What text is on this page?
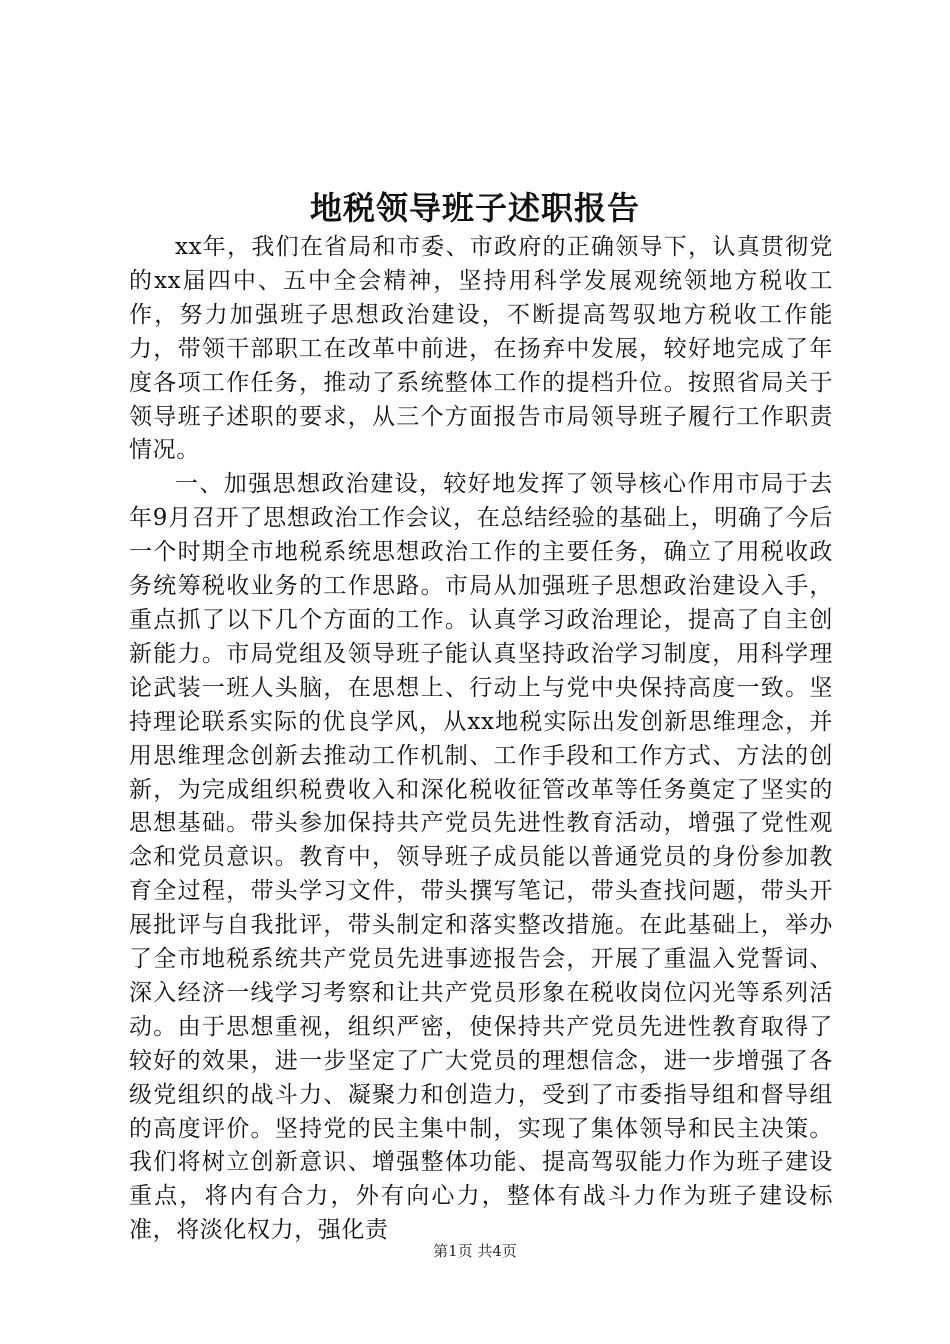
地税领导班子述职报告

xx年，我们在省局和市委、市政府的正确领导下，认真贯彻党的xx届四中、五中全会精神，坚持用科学发展观统领地方税收工作，努力加强班子思想政治建设，不断提高驾驭地方税收工作能力，带领干部职工在改革中前进，在扬弃中发展，较好地完成了年度各项工作任务，推动了系统整体工作的提档升位。按照省局关于领导班子述职的要求，从三个方面报告市局领导班子履行工作职责情况。

一、加强思想政治建设，较好地发挥了领导核心作用市局于去年9月召开了思想政治工作会议，在总结经验的基础上，明确了今后一个时期全市地税系统思想政治工作的主要任务，确立了用税收政务统筹税收业务的工作思路。市局从加强班子思想政治建设入手，重点抓了以下几个方面的工作。认真学习政治理论，提高了自主创新能力。市局党组及领导班子能认真坚持政治学习制度，用科学理论武装一班人头脑，在思想上、行动上与党中央保持高度一致。坚持理论联系实际的优良学风，从xx地税实际出发创新思维理念，并用思维理念创新去推动工作机制、工作手段和工作方式、方法的创新，为完成组织税费收入和深化税收征管改革等任务奠定了坚实的思想基础。带头参加保持共产党员先进性教育活动，增强了党性观念和党员意识。教育中，领导班子成员能以普通党员的身份参加教育全过程，带头学习文件，带头撰写笔记，带头查找问题，带头开展批评与自我批评，带头制定和落实整改措施。在此基础上，举办了全市地税系统共产党员先进事迹报告会，开展了重温入党誓词、深入经济一线学习考察和让共产党员形象在税收岗位闪光等系列活动。由于思想重视，组织严密，使保持共产党员先进性教育取得了较好的效果，进一步坚定了广大党员的理想信念，进一步增强了各级党组织的战斗力、凝聚力和创造力，受到了市委指导组和督导组的高度评价。坚持党的民主集中制，实现了集体领导和民主决策。我们将树立创新意识、增强整体功能、提高驾驭能力作为班子建设重点，将内有合力，外有向心力，整体有战斗力作为班子建设标准，将淡化权力，强化责

第1页 共4页
